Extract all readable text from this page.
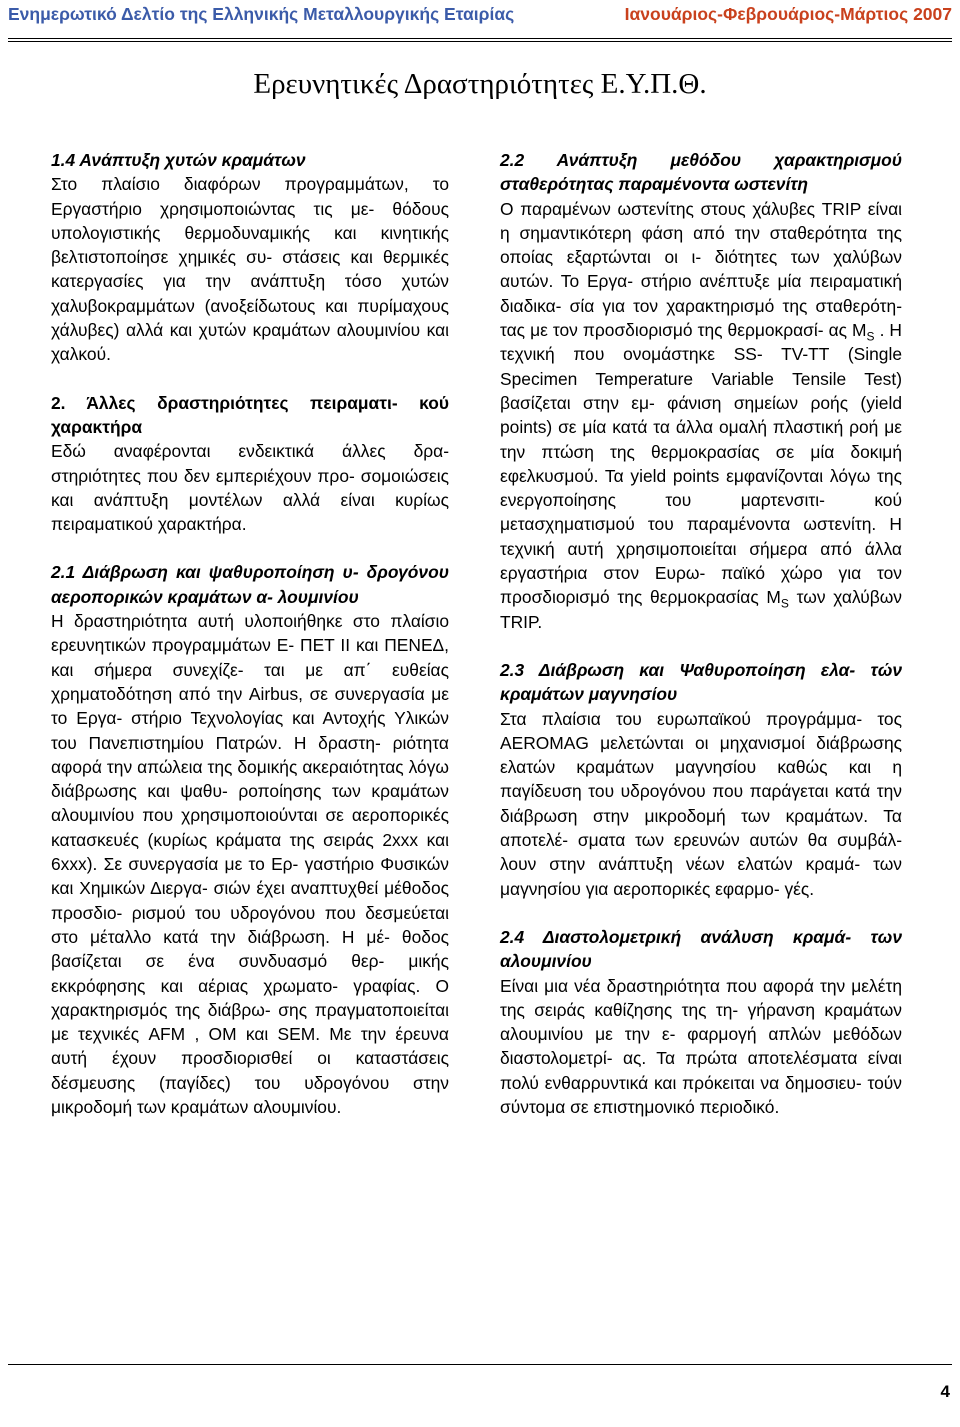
Ενημερωτικό Δελτίο της Ελληνικής Μεταλλουργικής Εταιρίας	Ιανουάριος-Φεβρουάριος-Μάρτιος 2007
Ερευνητικές Δραστηριότητες Ε.Υ.Π.Θ.
1.4 Ανάπτυξη χυτών κραμάτων

Στο πλαίσιο διαφόρων προγραμμάτων, το Εργαστήριο χρησιμοποιώντας τις με- θόδους υπολογιστικής θερμοδυναμικής και κινητικής βελτιστοποίησε χημικές συ- στάσεις και θερμικές κατεργασίες για την ανάπτυξη τόσο χυτών χαλυβοκραμμάτων (ανοξείδωτους και πυρίμαχους χάλυβες) αλλά και χυτών κραμάτων αλουμινίου και χαλκού.

2. Άλλες δραστηριότητες πειραματι- κού χαρακτήρα

Εδώ αναφέρονται ενδεικτικά άλλες δρα- στηριότητες που δεν εμπεριέχουν προ- σομοιώσεις και ανάπτυξη μοντέλων αλλά είναι κυρίως πειραματικού χαρακτήρα.

2.1 Διάβρωση και ψαθυροποίηση υ- δρογόνου αεροπορικών κραμάτων α- λουμινίου

Η δραστηριότητα αυτή υλοποιήθηκε στο πλαίσιο ερευνητικών προγραμμάτων Ε- ΠΕΤ ΙΙ και ΠΕΝΕΔ, και σήμερα συνεχίζε- ται με απ΄ ευθείας χρηματοδότηση από την Airbus, σε συνεργασία με το Εργα- στήριο Τεχνολογίας και Αντοχής Υλικών του Πανεπιστημίου Πατρών. Η δραστη- ριότητα αφορά την απώλεια της δομικής ακεραιότητας λόγω διάβρωσης και ψαθυ- ροποίησης των κραμάτων αλουμινίου που χρησιμοποιούνται σε αεροπορικές κατασκευές (κυρίως κράματα της σειράς 2xxx και 6xxx). Σε συνεργασία με το Ερ- γαστήριο Φυσικών και Χημικών Διεργα- σιών έχει αναπτυχθεί μέθοδος προσδιο- ρισμού του υδρογόνου που δεσμεύεται στο μέταλλο κατά την διάβρωση. Η μέ- θοδος βασίζεται σε ένα συνδυασμό θερ- μικής εκκρόφησης και αέριας χρωματο- γραφίας. Ο χαρακτηρισμός της διάβρω- σης πραγματοποιείται με τεχνικές AFM , OM και SEM. Με την έρευνα αυτή έχουν προσδιορισθεί οι καταστάσεις δέσμευσης (παγίδες) του υδρογόνου στην μικροδομή των κραμάτων αλουμινίου.

2.2 Ανάπτυξη μεθόδου χαρακτηρισμού σταθερότητας παραμένοντα ωστενίτη

Ο παραμένων ωστενίτης στους χάλυβες TRIP είναι η σημαντικότερη φάση από την σταθερότητα της οποίας εξαρτώνται οι ι- διότητες των χαλύβων αυτών. Το Εργα- στήριο ανέπτυξε μία πειραματική διαδικα- σία για τον χαρακτηρισμό της σταθερότη- τας με τον προσδιορισμό της θερμοκρασί- ας $M_S$ . Η τεχνική που ονομάστηκε SS- TV-TT (Single Specimen Temperature Variable Tensile Test) βασίζεται στην εμ- φάνιση σημείων ροής (yield points) σε μία κατά τα άλλα ομαλή πλαστική ροή με την πτώση της θερμοκρασίας σε μία δοκιμή εφελκυσμού. Τα yield points εμφανίζονται λόγω της ενεργοποίησης του μαρτενσιτι- κού μετασχηματισμού του παραμένοντα ωστενίτη. Η τεχνική αυτή χρησιμοποιείται σήμερα από άλλα εργαστήρια στον Ευρω- παϊκό χώρο για τον προσδιορισμό της θερμοκρασίας $M_S$ των χαλύβων TRIP.

2.3 Διάβρωση και Ψαθυροποίηση ελα- τών κραμάτων μαγνησίου

Στα πλαίσια του ευρωπαϊκού προγράμμα- τος AEROMAG μελετώνται οι μηχανισμοί διάβρωσης ελατών κραμάτων μαγνησίου καθώς και η παγίδευση του υδρογόνου που παράγεται κατά την διάβρωση στην μικροδομή των κραμάτων. Τα αποτελέ- σματα των ερευνών αυτών θα συμβάλ- λουν στην ανάπτυξη νέων ελατών κραμά- των μαγνησίου για αεροπορικές εφαρμο- γές.

2.4 Διαστολομετρική ανάλυση κραμά- των αλουμινίου

Είναι μια νέα δραστηριότητα που αφορά την μελέτη της σειράς καθίζησης της τη- γήρανση κραμάτων αλουμινίου με την ε- φαρμογή απλών μεθόδων διαστολομετρί- ας. Τα πρώτα αποτελέσματα είναι πολύ ενθαρρυντικά και πρόκειται να δημοσιευ- τούν σύντομα σε επιστημονικό περιοδικό.

4
